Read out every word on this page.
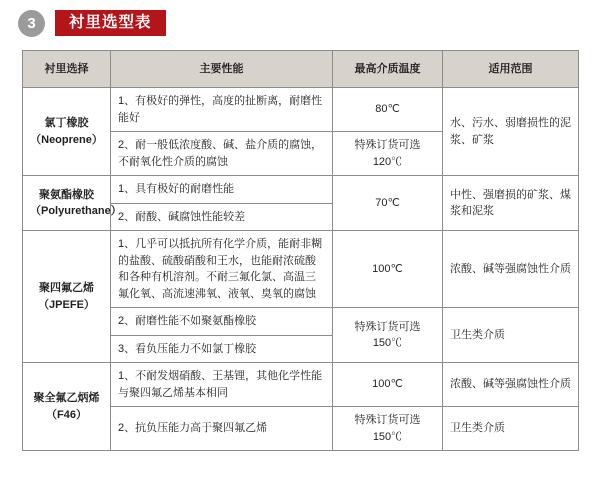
3	衬里选型表
衬里选择	主要性能	最高介质温度	适用范围
氯丁橡胶
（Neoprene）	1、有极好的弹性，高度的扯断离，耐磨性能好	80℃	水、污水、弱磨损性的泥浆、矿浆
	2、耐一般低浓度酸、碱、盐介质的腐蚀，不耐氧化性介质的腐蚀	特殊订货可选120℃	
聚氨酯橡胶
（Polyurethane）	1、具有极好的耐磨性能	70℃	中性、强磨损的矿浆、煤浆和泥浆
	2、耐酸、碱腐蚀性能较差		
聚四氟乙烯
（JPEFE）	1、几乎可以抵抗所有化学介质，能耐非糊的盐酸、硫酸硝酸和王水，也能耐浓硫酸和各种有机溶剂。不耐三氟化氯、高温三氟化氧、高流速沸氧、液氧、臭氧的腐蚀	100℃	浓酸、碱等强腐蚀性介质
	2、耐磨性能不如聚氨酯橡胶	特殊订货可选150℃	卫生类介质
	3、看负压能力不如氯丁橡胶		
聚全氟乙炳烯
（F46）	1、不耐发烟硝酸、王基锂，其他化学性能与聚四氟乙烯基本相同	100℃	浓酸、碱等强腐蚀性介质
	2、抗负压能力高于聚四氟乙烯	特殊订货可选150℃	卫生类介质
